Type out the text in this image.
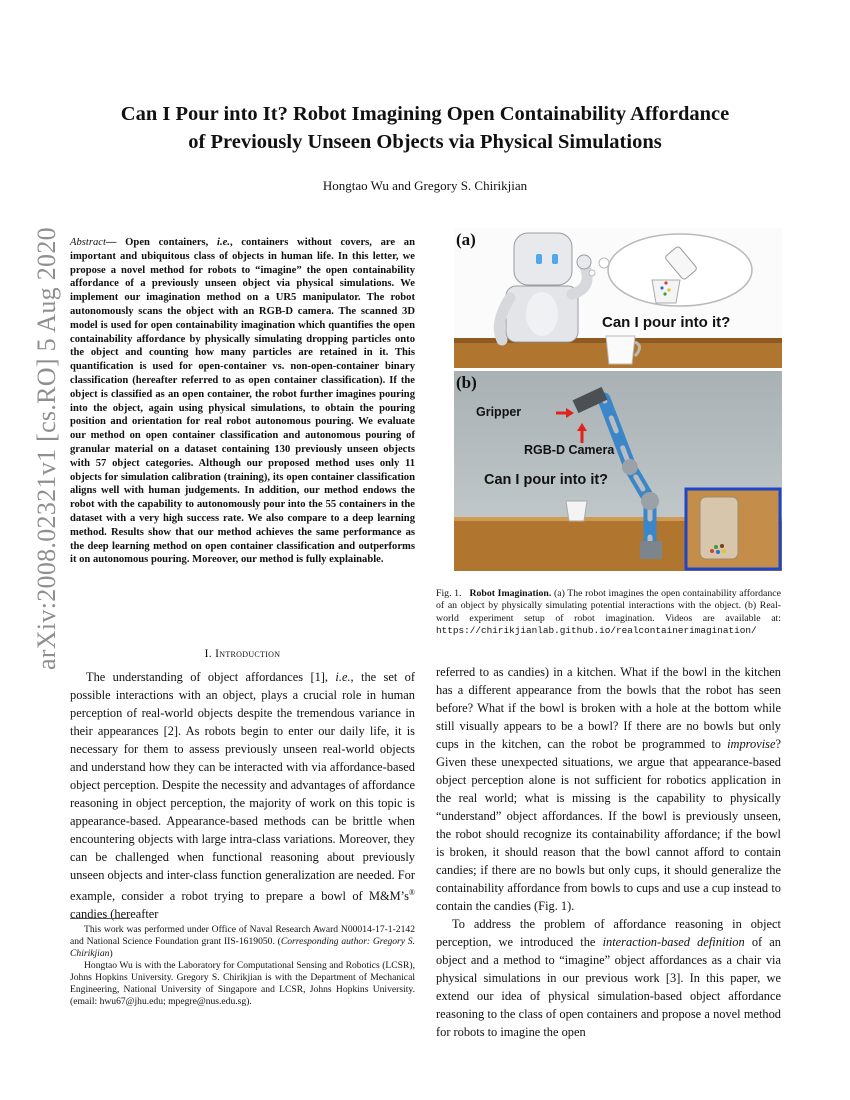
Can I Pour into It? Robot Imagining Open Containability Affordance
of Previously Unseen Objects via Physical Simulations
Hongtao Wu and Gregory S. Chirikjian
arXiv:2008.02321v1 [cs.RO] 5 Aug 2020 Abstract— Open containers, i.e., containers without covers, are an important and ubiquitous class of objects in human life. In this letter, we propose a novel method for robots to “imagine” the open containability affordance of a previously unseen object via physical simulations. We implement our imagination method on a UR5 manipulator. The robot autonomously scans the object with an RGB-D camera. The scanned 3D model is used for open containability imagination which quantifies the open containability affordance by physically simulating dropping particles onto the object and counting how many particles are retained in it. This quantification is used for open-container vs. non-open-container binary classification (hereafter referred to as open container classification). If the object is classified as an open container, the robot further imagines pouring into the object, again using physical simulations, to obtain the pouring position and orientation for real robot autonomous pouring. We evaluate our method on open container classification and autonomous pouring of granular material on a dataset containing 130 previously unseen objects with 57 object categories. Although our proposed method uses only 11 objects for simulation calibration (training), its open container classification aligns well with human judgements. In addition, our method endows the robot with the capability to autonomously pour into the 55 containers in the dataset with a very high success rate. We also compare to a deep learning method. Results show that our method achieves the same performance as the deep learning method on open container classification and outperforms it on autonomous pouring. Moreover, our method is fully explainable.
I. Introduction

The understanding of object affordances [1], i.e., the set of possible interactions with an object, plays a crucial role in human perception of real-world objects despite the tremendous variance in their appearances [2]. As robots begin to enter our daily life, it is necessary for them to assess previously unseen real-world objects and understand how they can be interacted with via affordance-based object perception. Despite the necessity and advantages of affordance reasoning in object perception, the majority of work on this topic is appearance-based. Appearance-based methods can be brittle when encountering objects with large intra-class variations. Moreover, they can be challenged when functional reasoning about previously unseen objects and inter-class function generalization are needed. For example, consider a robot trying to prepare a bowl of M&M’s® candies (hereafter

This work was performed under Office of Naval Research Award N00014-17-1-2142 and National Science Foundation grant IIS-1619050. (Corresponding author: Gregory S. Chirikjian)

Hongtao Wu is with the Laboratory for Computational Sensing and Robotics (LCSR), Johns Hopkins University. Gregory S. Chirikjian is with the Department of Mechanical Engineering, National University of Singapore and LCSR, Johns Hopkins University. (email: hwu67@jhu.edu; mpegre@nus.edu.sg).

(a)
Can I pour into it?
(b)
Gripper
RGB-D Camera
Can I pour into it?
Fig. 1. Robot Imagination. (a) The robot imagines the open containability affordance of an object by physically simulating potential interactions with the object. (b) Real-world experiment setup of robot imagination. Videos are available at: https://chirikjianlab.github.io/realcontainerimagination/

referred to as candies) in a kitchen. What if the bowl in the kitchen has a different appearance from the bowls that the robot has seen before? What if the bowl is broken with a hole at the bottom while still visually appears to be a bowl? If there are no bowls but only cups in the kitchen, can the robot be programmed to improvise? Given these unexpected situations, we argue that appearance-based object perception alone is not sufficient for robotics application in the real world; what is missing is the capability to physically “understand” object affordances. If the bowl is previously unseen, the robot should recognize its containability affordance; if the bowl is broken, it should reason that the bowl cannot afford to contain candies; if there are no bowls but only cups, it should generalize the containability affordance from bowls to cups and use a cup instead to contain the candies (Fig. 1).

To address the problem of affordance reasoning in object perception, we introduced the interaction-based definition of an object and a method to “imagine” object affordances as a chair via physical simulations in our previous work [3]. In this paper, we extend our idea of physical simulation-based object affordance reasoning to the class of open containers and propose a novel method for robots to imagine the open
